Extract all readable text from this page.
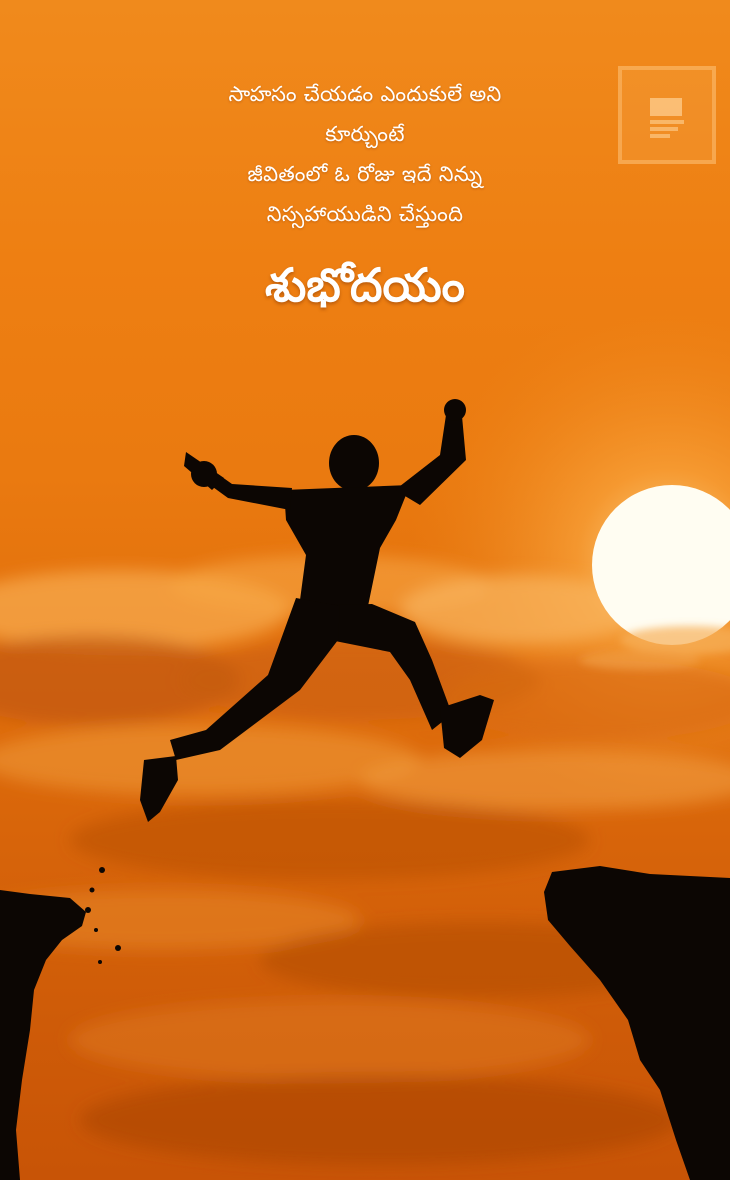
సాహసం చేయడం ఎందుకులే అని
కూర్చుంటే
జీవితంలో ఓ రోజు ఇదే నిన్ను
నిస్సహాయుడిని చేస్తుంది
శుభోదయం
